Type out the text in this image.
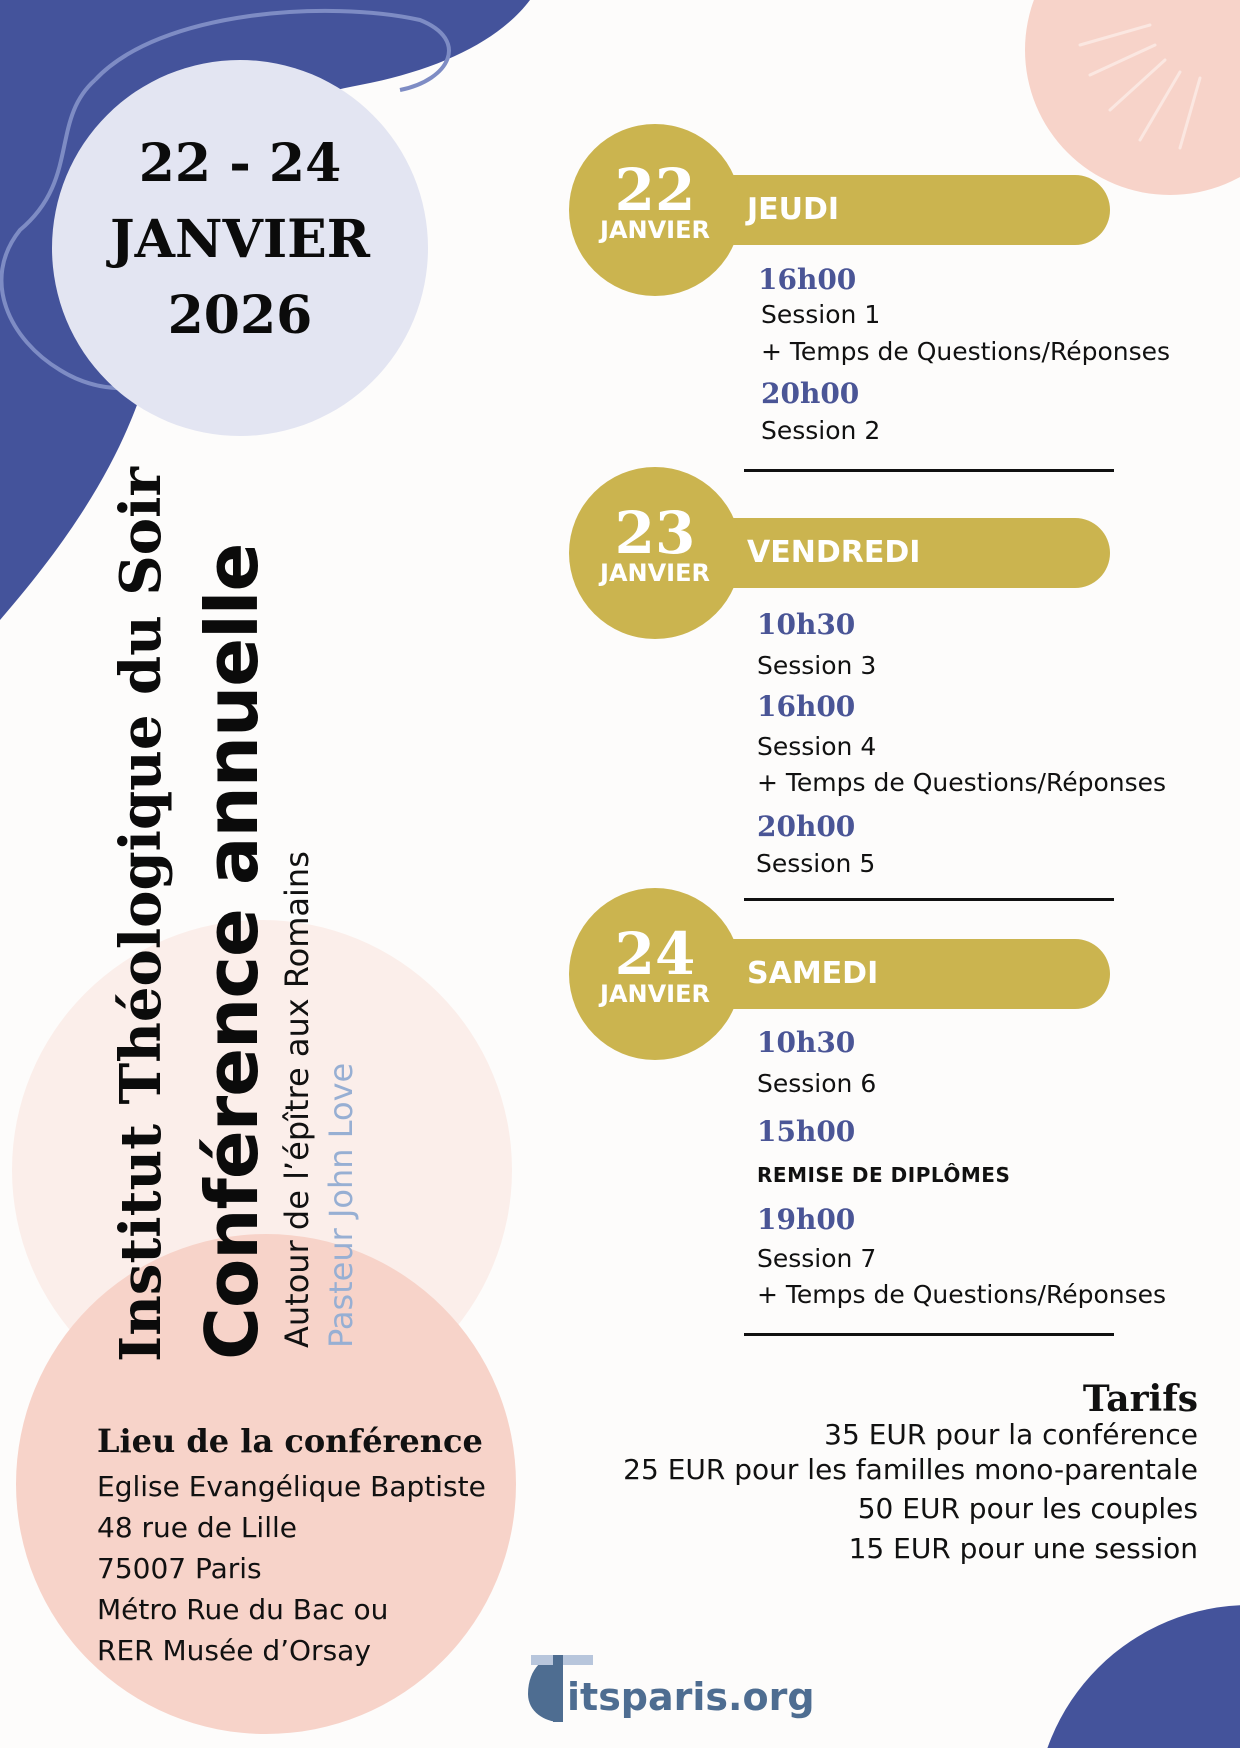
22 - 24
JANVIER
2026
Institut Théologique du Soir Conférence annuelle Autour de l’épître aux Romains Pasteur John Love
Lieu de la conférence
Eglise Evangélique Baptiste
48 rue de Lille
75007 Paris
Métro Rue du Bac ou
RER Musée d’Orsay
22
JANVIER
JEUDI
16h00
Session 1
+ Temps de Questions/Réponses
20h00
Session 2
23
JANVIER
VENDREDI
10h30
Session 3
16h00
Session 4
+ Temps de Questions/Réponses
20h00
Session 5
24
JANVIER
SAMEDI
10h30
Session 6
15h00
REMISE DE DIPLÔMES
19h00
Session 7
+ Temps de Questions/Réponses
Tarifs
35 EUR pour la conférence
25 EUR pour les familles mono-parentale
50 EUR pour les couples
15 EUR pour une session
itsparis.org
